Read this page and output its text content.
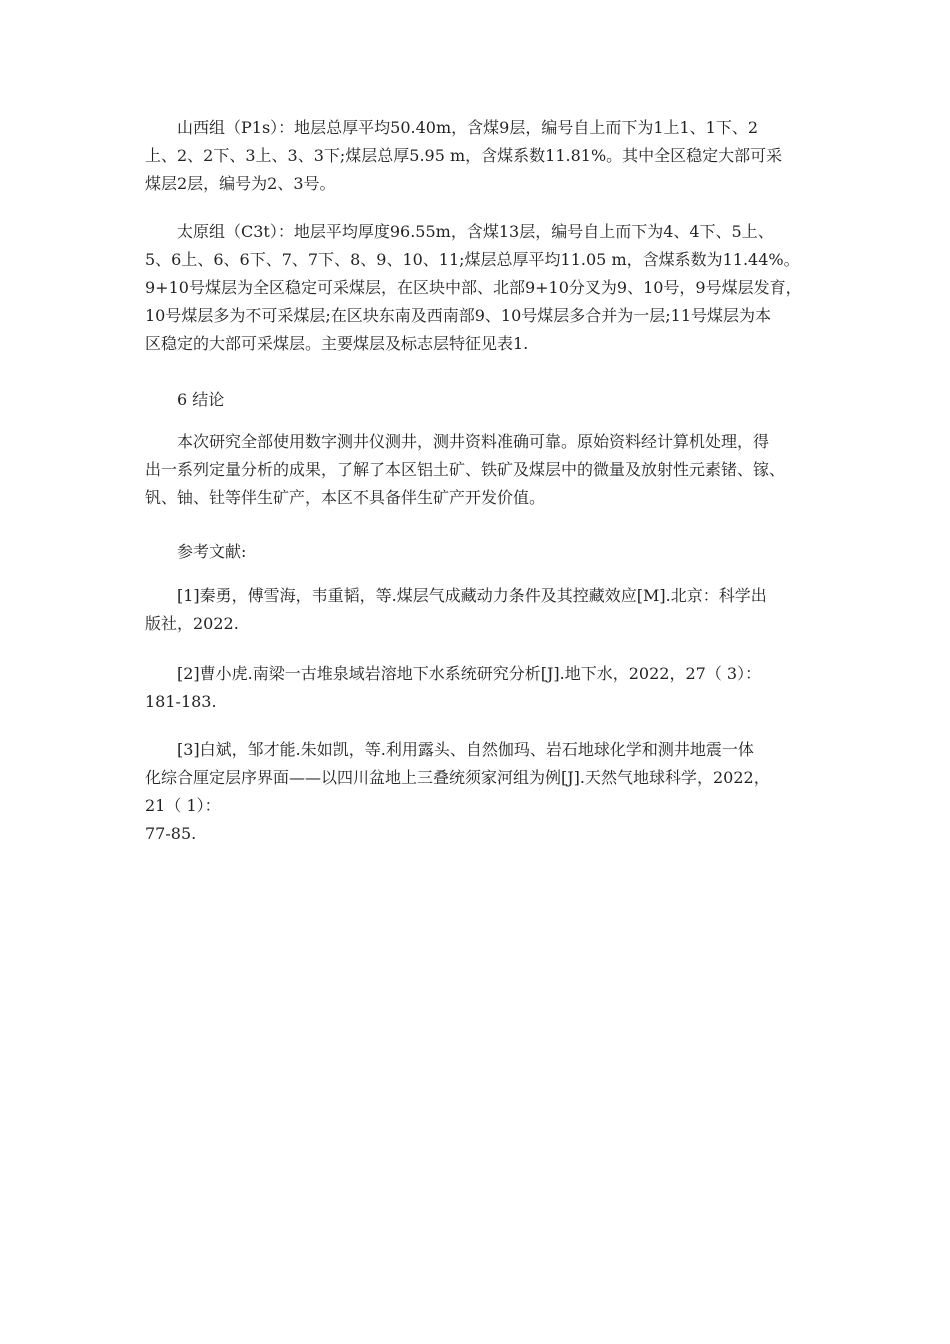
山西组（P1s）：地层总厚平均50.40m，含煤9层，编号自上而下为1上1、1下、2
上、2、2下、3上、3、3下;煤层总厚5.95 m，含煤系数11.81%。其中全区稳定大部可采
煤层2层，编号为2、3号。

太原组（C3t）：地层平均厚度96.55m，含煤13层，编号自上而下为4、4下、5上、
5、6上、6、6下、7、7下、8、9、10、11;煤层总厚平均11.05 m，含煤系数为11.44%。
9+10号煤层为全区稳定可采煤层，在区块中部、北部9+10分叉为9、10号，9号煤层发育，
10号煤层多为不可采煤层;在区块东南及西南部9、10号煤层多合并为一层;11号煤层为本
区稳定的大部可采煤层。主要煤层及标志层特征见表1.

6 结论

本次研究全部使用数字测井仪测井，测井资料准确可靠。原始资料经计算机处理，得
出一系列定量分析的成果，了解了本区铝土矿、铁矿及煤层中的微量及放射性元素锗、镓、
钒、铀、钍等伴生矿产，本区不具备伴生矿产开发价值。

参考文献:

[1]秦勇，傅雪海，韦重韬，等.煤层气成藏动力条件及其控藏效应[M].北京：科学出
版社，2022.

[2]曹小虎.南梁一古堆泉域岩溶地下水系统研究分析[J].地下水，2022，27（ 3）：
181-183.

[3]白斌，邹才能.朱如凯，等.利用露头、自然伽玛、岩石地球化学和测井地震一体
化综合厘定层序界面——以四川盆地上三叠统须家河组为例[J].天然气地球科学，2022，
21（ 1）：
77-85.
